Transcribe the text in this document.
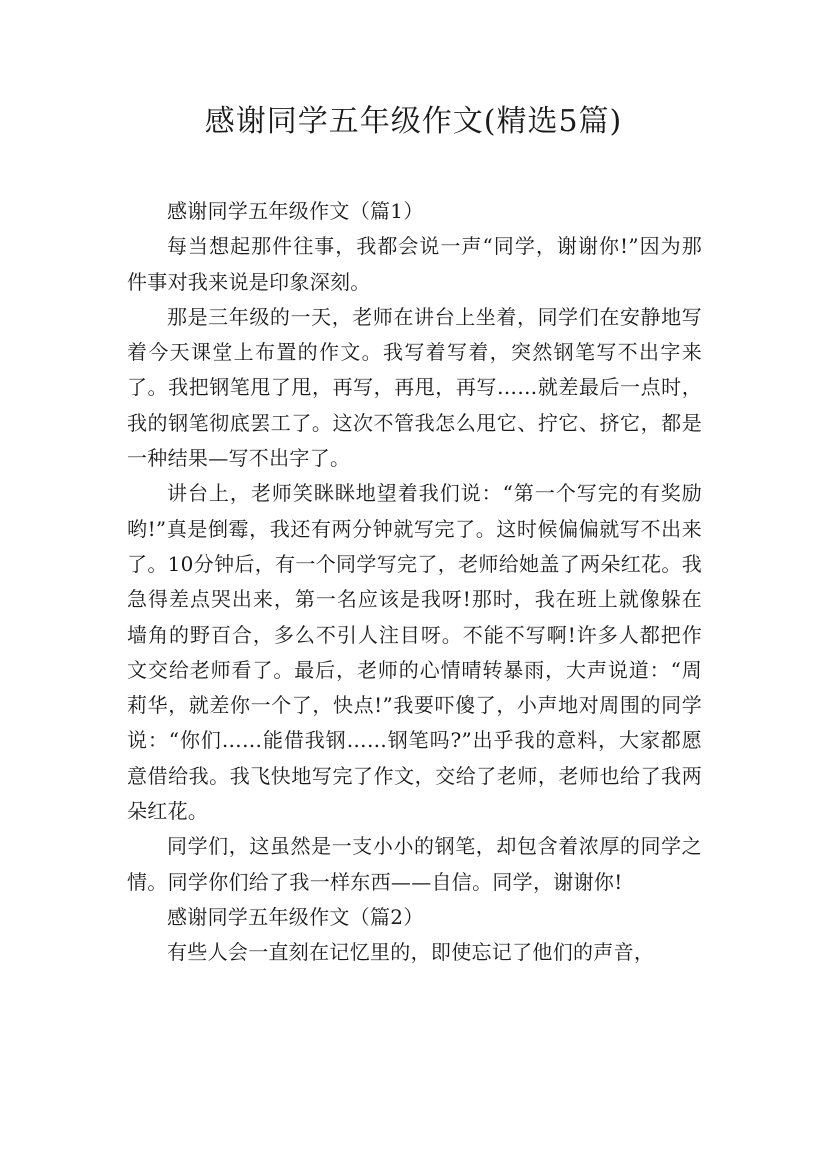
感谢同学五年级作文(精选5篇)

感谢同学五年级作文（篇1）

每当想起那件往事，我都会说一声“同学，谢谢你!”因为那件事对我来说是印象深刻。

那是三年级的一天，老师在讲台上坐着，同学们在安静地写着今天课堂上布置的作文。我写着写着，突然钢笔写不出字来了。我把钢笔甩了甩，再写，再甩，再写……就差最后一点时，我的钢笔彻底罢工了。这次不管我怎么甩它、拧它、挤它，都是一种结果—写不出字了。

讲台上，老师笑眯眯地望着我们说：“第一个写完的有奖励哟!”真是倒霉，我还有两分钟就写完了。这时候偏偏就写不出来了。10分钟后，有一个同学写完了，老师给她盖了两朵红花。我急得差点哭出来，第一名应该是我呀!那时，我在班上就像躲在墙角的野百合，多么不引人注目呀。不能不写啊!许多人都把作文交给老师看了。最后，老师的心情晴转暴雨，大声说道：“周莉华，就差你一个了，快点!”我要吓傻了，小声地对周围的同学说：“你们……能借我钢……钢笔吗?”出乎我的意料，大家都愿意借给我。我飞快地写完了作文，交给了老师，老师也给了我两朵红花。

同学们，这虽然是一支小小的钢笔，却包含着浓厚的同学之情。同学你们给了我一样东西——自信。同学，谢谢你!

感谢同学五年级作文（篇2）

有些人会一直刻在记忆里的，即使忘记了他们的声音，
